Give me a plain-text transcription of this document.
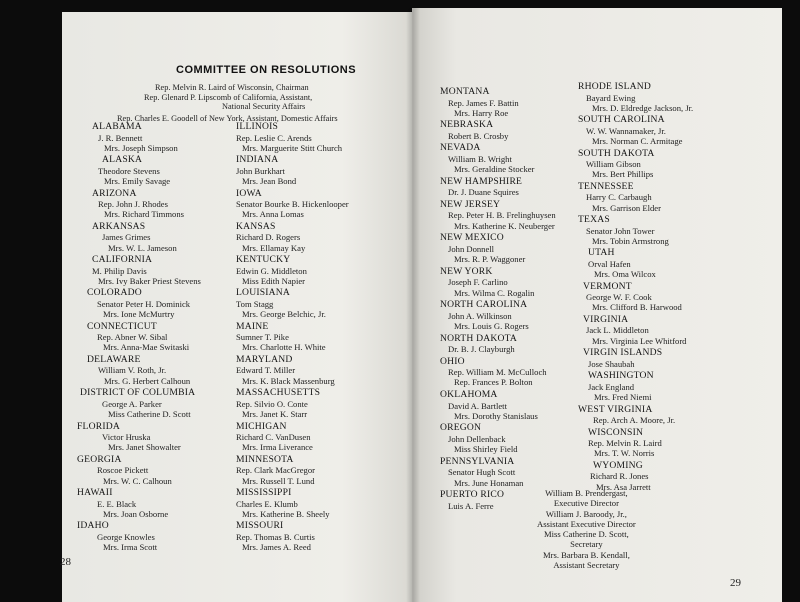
COMMITTEE ON RESOLUTIONS
Rep. Melvin R. Laird of Wisconsin, Chairman
Rep. Glenard P. Lipscomb of California, Assistant,
National Security Affairs
Rep. Charles E. Goodell of New York, Assistant, Domestic Affairs
ALABAMA
J. R. Bennett
Mrs. Joseph Simpson
ALASKA
Theodore Stevens
Mrs. Emily Savage
ARIZONA
Rep. John J. Rhodes
Mrs. Richard Timmons
ARKANSAS
James Grimes
Mrs. W. L. Jameson
CALIFORNIA
M. Philip Davis
Mrs. Ivy Baker Priest Stevens
COLORADO
Senator Peter H. Dominick
Mrs. Ione McMurtry
CONNECTICUT
Rep. Abner W. Sibal
Mrs. Anna-Mae Switaski
DELAWARE
William V. Roth, Jr.
Mrs. G. Herbert Calhoun
DISTRICT OF COLUMBIA
George A. Parker
Miss Catherine D. Scott
FLORIDA
Victor Hruska
Mrs. Janet Showalter
GEORGIA
Roscoe Pickett
Mrs. W. C. Calhoun
HAWAII
E. E. Black
Mrs. Joan Osborne
IDAHO
George Knowles
Mrs. Irma Scott
ILLINOIS
Rep. Leslie C. Arends
Mrs. Marguerite Stitt Church
INDIANA
John Burkhart
Mrs. Jean Bond
IOWA
Senator Bourke B. Hickenlooper
Mrs. Anna Lomas
KANSAS
Richard D. Rogers
Mrs. Ellamay Kay
KENTUCKY
Edwin G. Middleton
Miss Edith Napier
LOUISIANA
Tom Stagg
Mrs. George Belchic, Jr.
MAINE
Sumner T. Pike
Mrs. Charlotte H. White
MARYLAND
Edward T. Miller
Mrs. K. Black Massenburg
MASSACHUSETTS
Rep. Silvio O. Conte
Mrs. Janet K. Starr
MICHIGAN
Richard C. VanDusen
Mrs. Irma Liverance
MINNESOTA
Rep. Clark MacGregor
Mrs. Russell T. Lund
MISSISSIPPI
Charles E. Klumb
Mrs. Katherine B. Sheely
MISSOURI
Rep. Thomas B. Curtis
Mrs. James A. Reed
MONTANA
Rep. James F. Battin
Mrs. Harry Roe
NEBRASKA
Robert B. Crosby
NEVADA
William B. Wright
Mrs. Geraldine Stocker
NEW HAMPSHIRE
Dr. J. Duane Squires
NEW JERSEY
Rep. Peter H. B. Frelinghuysen
Mrs. Katherine K. Neuberger
NEW MEXICO
John Donnell
Mrs. R. P. Waggoner
NEW YORK
Joseph F. Carlino
Mrs. Wilma C. Rogalin
NORTH CAROLINA
John A. Wilkinson
Mrs. Louis G. Rogers
NORTH DAKOTA
Dr. B. J. Clayburgh
OHIO
Rep. William M. McCulloch
Rep. Frances P. Bolton
OKLAHOMA
David A. Bartlett
Mrs. Dorothy Stanislaus
OREGON
John Dellenback
Miss Shirley Field
PENNSYLVANIA
Senator Hugh Scott
Mrs. June Honaman
PUERTO RICO
Luis A. Ferre
RHODE ISLAND
Bayard Ewing
Mrs. D. Eldredge Jackson, Jr.
SOUTH CAROLINA
W. W. Wannamaker, Jr.
Mrs. Norman C. Armitage
SOUTH DAKOTA
William Gibson
Mrs. Bert Phillips
TENNESSEE
Harry C. Carbaugh
Mrs. Garrison Elder
TEXAS
Senator John Tower
Mrs. Tobin Armstrong
UTAH
Orval Hafen
Mrs. Oma Wilcox
VERMONT
George W. F. Cook
Mrs. Clifford B. Harwood
VIRGINIA
Jack L. Middleton
Mrs. Virginia Lee Whitford
VIRGIN ISLANDS
Jose Shaubah
WASHINGTON
Jack England
Mrs. Fred Niemi
WEST VIRGINIA
Rep. Arch A. Moore, Jr.
WISCONSIN
Rep. Melvin R. Laird
Mrs. T. W. Norris
WYOMING
Richard R. Jones
Mrs. Asa Jarrett
William B. Prendergast,
Executive Director
William J. Baroody, Jr.,
Assistant Executive Director
Miss Catherine D. Scott,
Secretary
Mrs. Barbara B. Kendall,
Assistant Secretary
28
29
